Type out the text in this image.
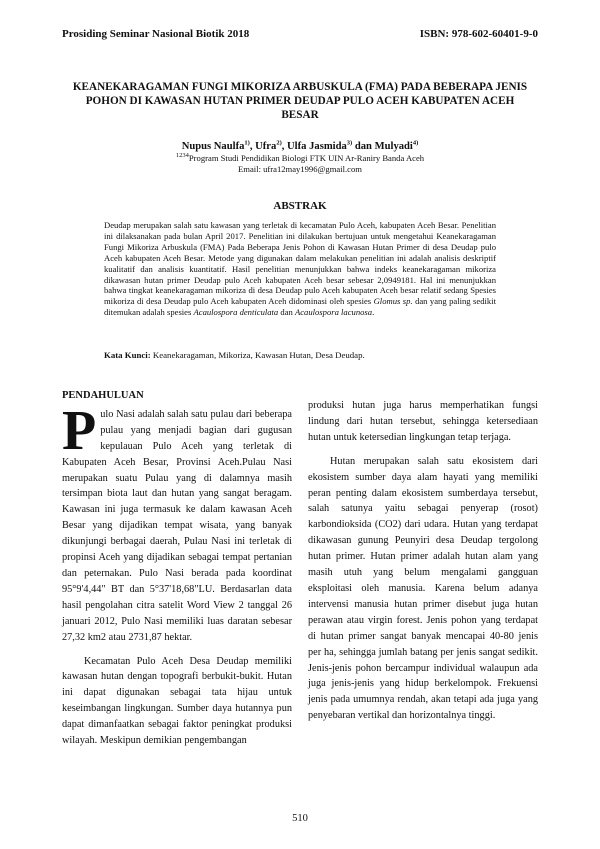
Prosiding Seminar Nasional Biotik 2018	ISBN: 978-602-60401-9-0
KEANEKARAGAMAN FUNGI MIKORIZA ARBUSKULA (FMA) PADA BEBERAPA JENIS POHON DI KAWASAN HUTAN PRIMER DEUDAP PULO ACEH KABUPATEN ACEH BESAR
Nupus Naulfa$^{1)}$, Ufra$^{2)}$, Ulfa Jasmida$^{3)}$ dan Mulyadi$^{4)}$
$^{1234}$Program Studi Pendidikan Biologi FTK UIN Ar-Raniry Banda Aceh
Email: ufra12may1996@gmail.com
ABSTRAK
Deudap merupakan salah satu kawasan yang terletak di kecamatan Pulo Aceh, kabupaten Aceh Besar. Penelitian ini dilaksanakan pada bulan April 2017. Penelitian ini dilakukan bertujuan untuk mengetahui Keanekaragaman Fungi Mikoriza Arbuskula (FMA) Pada Beberapa Jenis Pohon di Kawasan Hutan Primer di desa Deudap pulo Aceh kabupaten Aceh Besar. Metode yang digunakan dalam melakukan penelitian ini adalah analisis deskriptif kualitatif dan analisis kuantitatif. Hasil penelitian menunjukkan bahwa indeks keanekaragaman mikoriza dikawasan hutan primer Deudap pulo Aceh kabupaten Aceh besar sebesar 2,0949181. Hal ini menunjukkan bahwa tingkat keanekaragaman mikoriza di desa Deudap pulo Aceh kabupaten Aceh besar relatif sedang Spesies mikoriza di desa Deudap pulo Aceh kabupaten Aceh didominasi oleh spesies Glomus sp. dan yang paling sedikit ditemukan adalah spesies Acaulospora denticulata dan Acaulospora lacunosa.
Kata Kunci: Keanekaragaman, Mikoriza, Kawasan Hutan, Desa Deudap.
PENDAHULUAN

Pulo Nasi adalah salah satu pulau dari beberapa pulau yang menjadi bagian dari gugusan kepulauan Pulo Aceh yang terletak di Kabupaten Aceh Besar, Provinsi Aceh.Pulau Nasi merupakan suatu Pulau yang di dalamnya masih tersimpan biota laut dan hutan yang sangat beragam. Kawasan ini juga termasuk ke dalam kawasan Aceh Besar yang dijadikan tempat wisata, yang banyak dikunjungi berbagai daerah, Pulau Nasi ini terletak di propinsi Aceh yang dijadikan sebagai tempat pertanian dan peternakan. Pulo Nasi berada pada koordinat 95°9'4,44" BT dan 5°37'18,68"LU. Berdasarlan data hasil pengolahan citra satelit Word View 2 tanggal 26 januari 2012, Pulo Nasi memiliki luas daratan sebesar 27,32 km2 atau 2731,87 hektar.

Kecamatan Pulo Aceh Desa Deudap memiliki kawasan hutan dengan topografi berbukit-bukit. Hutan ini dapat digunakan sebagai tata hijau untuk keseimbangan lingkungan. Sumber daya hutannya pun dapat dimanfaatkan sebagai faktor peningkat produksi wilayah. Meskipun demikian pengembangan

produksi hutan juga harus memperhatikan fungsi lindung dari hutan tersebut, sehingga ketersediaan hutan untuk ketersedian lingkungan tetap terjaga.

Hutan merupakan salah satu ekosistem dari ekosistem sumber daya alam hayati yang memiliki peran penting dalam ekosistem sumberdaya tersebut, salah satunya yaitu sebagai penyerap (rosot) karbondioksida (CO2) dari udara. Hutan yang terdapat dikawasan gunung Peunyiri desa Deudap tergolong hutan primer. Hutan primer adalah hutan alam yang masih utuh yang belum mengalami gangguan eksploitasi oleh manusia. Karena belum adanya intervensi manusia hutan primer disebut juga hutan perawan atau virgin forest. Jenis pohon yang terdapat di hutan primer sangat banyak mencapai 40-80 jenis per ha, sehingga jumlah batang per jenis sangat sedikit. Jenis-jenis pohon bercampur individual walaupun ada juga jenis-jenis yang hidup berkelompok. Frekuensi jenis pada umumnya rendah, akan tetapi ada juga yang penyebaran vertikal dan horizontalnya tinggi.

510
